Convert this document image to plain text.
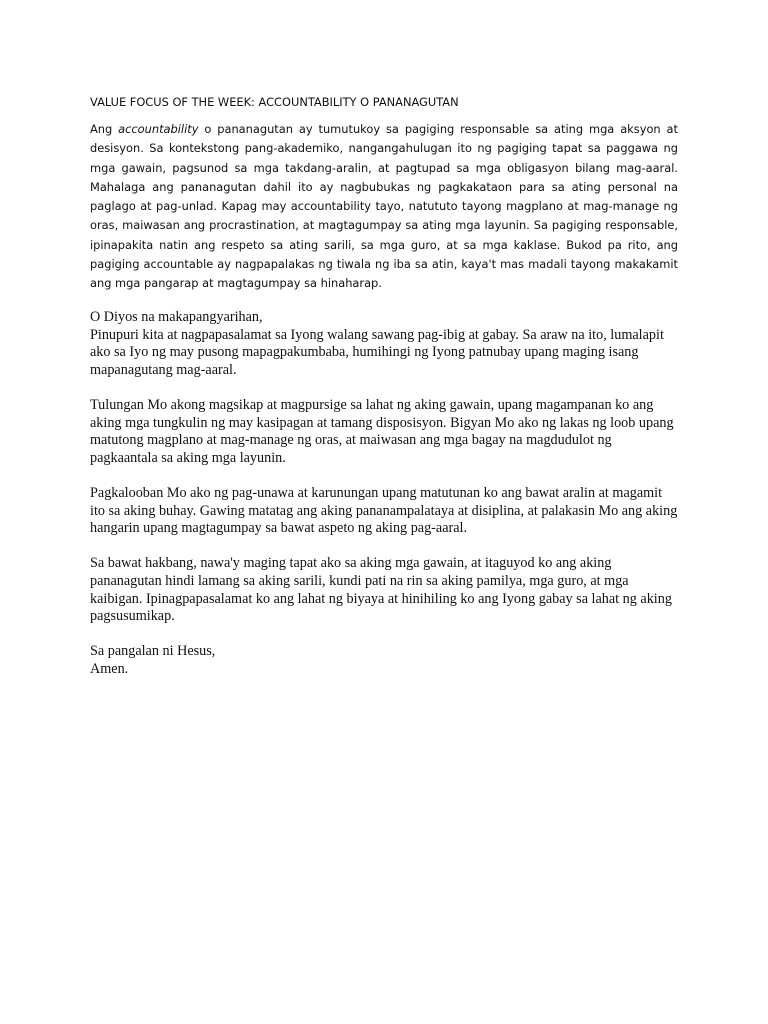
VALUE FOCUS OF THE WEEK: ACCOUNTABILITY O PANANAGUTAN

Ang accountability o pananagutan ay tumutukoy sa pagiging responsable sa ating mga aksyon at desisyon. Sa kontekstong pang-akademiko, nangangahulugan ito ng pagiging tapat sa paggawa ng mga gawain, pagsunod sa mga takdang-aralin, at pagtupad sa mga obligasyon bilang mag-aaral. Mahalaga ang pananagutan dahil ito ay nagbubukas ng pagkakataon para sa ating personal na paglago at pag-unlad. Kapag may accountability tayo, natututo tayong magplano at mag-manage ng oras, maiwasan ang procrastination, at magtagumpay sa ating mga layunin. Sa pagiging responsable, ipinapakita natin ang respeto sa ating sarili, sa mga guro, at sa mga kaklase. Bukod pa rito, ang pagiging accountable ay nagpapalakas ng tiwala ng iba sa atin, kaya't mas madali tayong makakamit ang mga pangarap at magtagumpay sa hinaharap.

O Diyos na makapangyarihan,
Pinupuri kita at nagpapasalamat sa Iyong walang sawang pag-ibig at gabay. Sa araw na ito, lumalapit ako sa Iyo ng may pusong mapagpakumbaba, humihingi ng Iyong patnubay upang maging isang mapanagutang mag-aaral.

Tulungan Mo akong magsikap at magpursige sa lahat ng aking gawain, upang magampanan ko ang aking mga tungkulin ng may kasipagan at tamang disposisyon. Bigyan Mo ako ng lakas ng loob upang matutong magplano at mag-manage ng oras, at maiwasan ang mga bagay na magdudulot ng pagkaantala sa aking mga layunin.

Pagkalooban Mo ako ng pag-unawa at karunungan upang matutunan ko ang bawat aralin at magamit ito sa aking buhay. Gawing matatag ang aking pananampalataya at disiplina, at palakasin Mo ang aking hangarin upang magtagumpay sa bawat aspeto ng aking pag-aaral.

Sa bawat hakbang, nawa'y maging tapat ako sa aking mga gawain, at itaguyod ko ang aking pananagutan hindi lamang sa aking sarili, kundi pati na rin sa aking pamilya, mga guro, at mga kaibigan. Ipinagpapasalamat ko ang lahat ng biyaya at hinihiling ko ang Iyong gabay sa lahat ng aking pagsusumikap.

Sa pangalan ni Hesus,
Amen.
